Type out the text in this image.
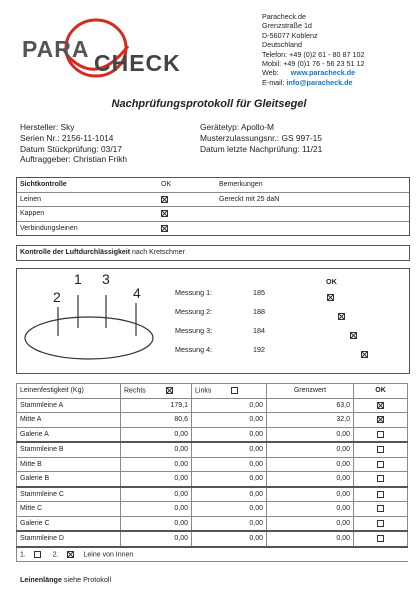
PARA
CHECK
Paracheck.de
Grenzstraße 1d
D-56077 Koblenz
Deutschland
Telefon: +49 (0)2 61 - 80 87 102
Mobil: +49 (0)1 76 - 56 23 51 12
Web: www.paracheck.de
E-mail: info@paracheck.de
Nachprüfungsprotokoll für Gleitsegel
Hersteller: Sky
Serien Nr.: 2156-11-1014
Datum Stückprüfung: 03/17
Auftraggeber: Christian Frikh
Gerätetyp: Apollo-M
Musterzulassungsnr.: GS 997-15
Datum letzte Nachprüfung: 11/21
Sichtkontrolle	OK	Bemerkungen
Leinen		Gereckt mit 25 daN
Kappen		
Verbindungsleinen		
Kontrolle der Luftdurchlässigkeit nach Kretschmer
2
1 3
4
OK
Messung 1:	185

Messung 2:	188

Messung 3:	184

Messung 4:	192
Leinenfestigkeit (Kg)	Rechts	Links	Grenzwert	OK
Stammleine A	179,1	0,00	63,0	
Mitte A	80,6	0,00	32,0	
Galerie A	0,00	0,00	0,00	
Stammleine B	0,00	0,00	0,00	
Mitte B	0,00	0,00	0,00	
Galerie B	0,00	0,00	0,00	
Stammleine C	0,00	0,00	0,00	
Mitte C	0,00	0,00	0,00	
Galerie C	0,00	0,00	0,00	
Stammleine D	0,00	0,00	0,00	
1. 2. Leine von Innen				
Leinenlänge siehe Protokoll
